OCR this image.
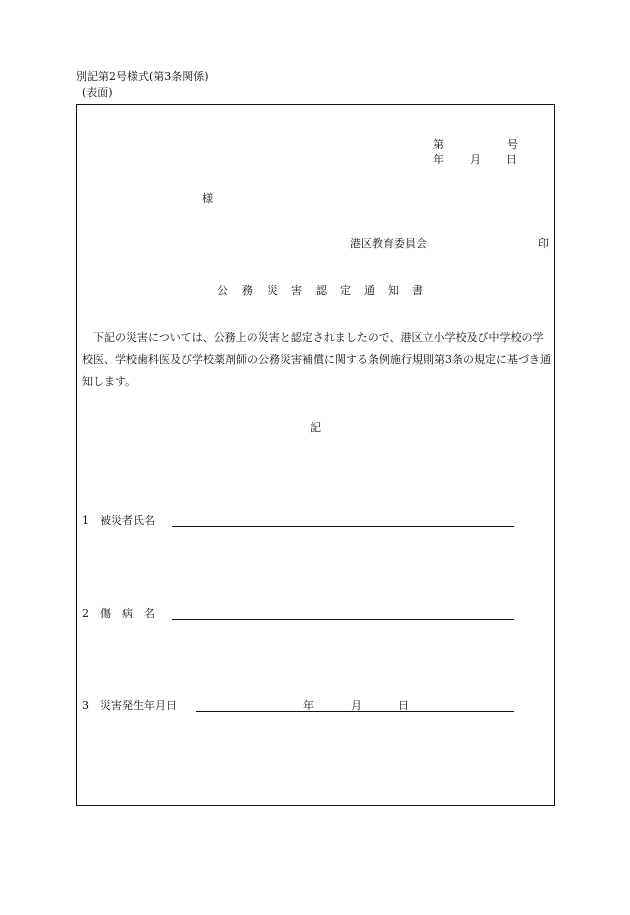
別記第2号様式(第3条関係)
(表面)
第	号
年 月 日
様
港区教育委員会	印
公 務 災 害 認 定 通 知 書
下記の災害については、公務上の災害と認定されましたので、港区立小学校及び中学校の学校医、学校歯科医及び学校薬剤師の公務災害補償に関する条例施行規則第3条の規定に基づき通知します。
記
1 被災者氏名
2 傷　病　名
3 災害発生年月日	年	月	日
